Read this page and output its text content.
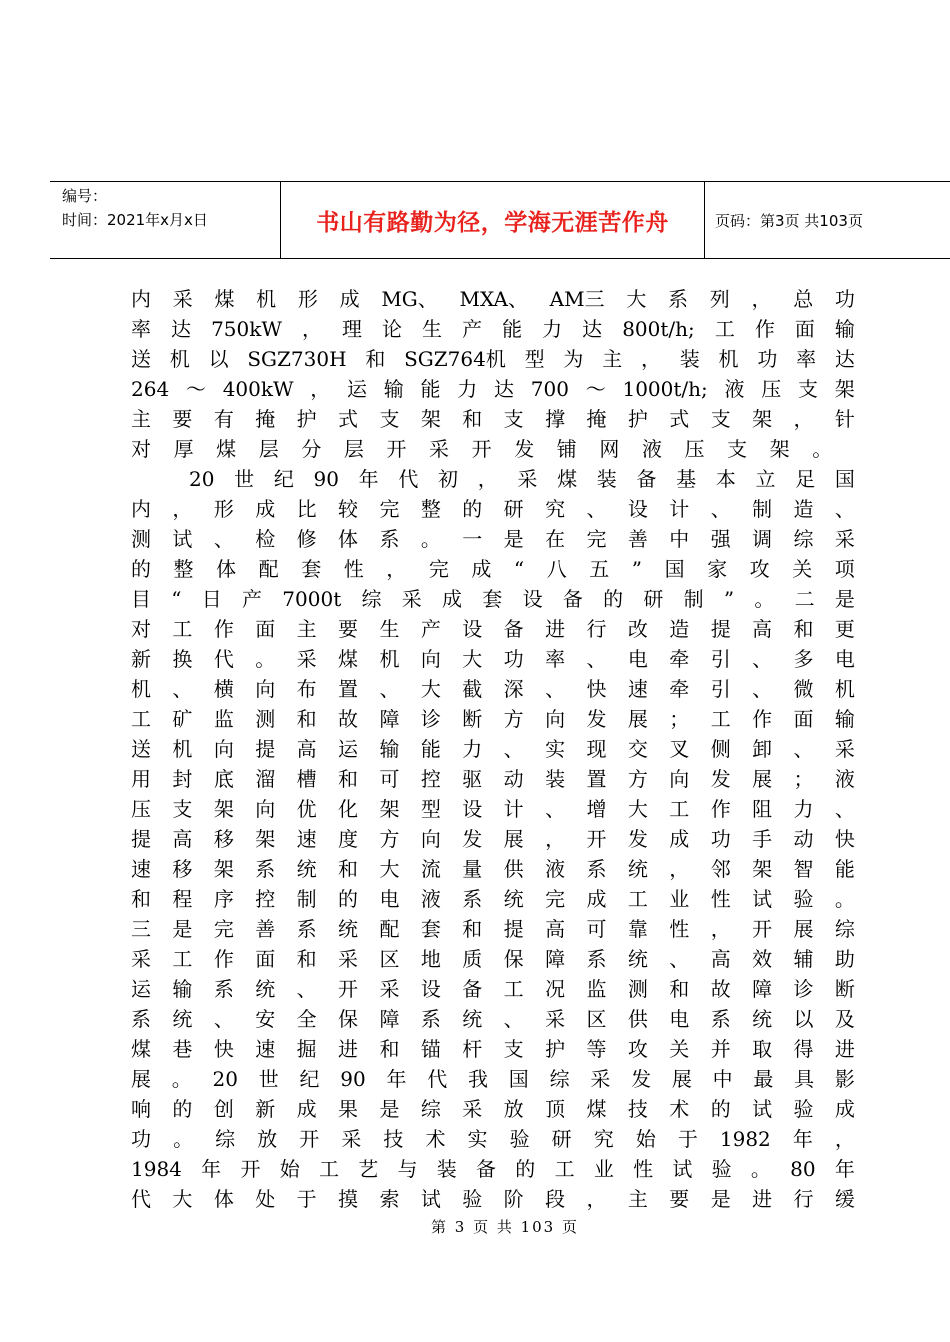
编号：
时间：2021年x月x日	书山有路勤为径，学海无涯苦作舟	页码：第3页 共103页
内 采 煤 机 形 成 MG、 MXA、 AM三 大 系 列 ， 总 功
率 达 750kW ， 理 论 生 产 能 力 达 800t/h; 工 作 面 输
送 机 以 SGZ730H 和 SGZ764机 型 为 主 ， 装 机 功 率 达
264 ～ 400kW ， 运 输 能 力 达 700 ～ 1000t/h; 液 压 支 架
主 要 有 掩 护 式 支 架 和 支 撑 掩 护 式 支 架 ， 针
对 厚 煤 层 分 层 开 采 开 发 铺 网 液 压 支 架 。
20 世 纪 90 年 代 初 ， 采 煤 装 备 基 本 立 足 国
内 ， 形 成 比 较 完 整 的 研 究 、 设 计 、 制 造 、
测 试 、 检 修 体 系 。 一 是 在 完 善 中 强 调 综 采
的 整 体 配 套 性 ， 完 成 “ 八 五 ” 国 家 攻 关 项
目 “ 日 产 7000t 综 采 成 套 设 备 的 研 制 ” 。 二 是
对 工 作 面 主 要 生 产 设 备 进 行 改 造 提 高 和 更
新 换 代 。 采 煤 机 向 大 功 率 、 电 牵 引 、 多 电
机 、 横 向 布 置 、 大 截 深 、 快 速 牵 引 、 微 机
工 矿 监 测 和 故 障 诊 断 方 向 发 展 ； 工 作 面 输
送 机 向 提 高 运 输 能 力 、 实 现 交 叉 侧 卸 、 采
用 封 底 溜 槽 和 可 控 驱 动 装 置 方 向 发 展 ； 液
压 支 架 向 优 化 架 型 设 计 、 增 大 工 作 阻 力 、
提 高 移 架 速 度 方 向 发 展 ， 开 发 成 功 手 动 快
速 移 架 系 统 和 大 流 量 供 液 系 统 ， 邻 架 智 能
和 程 序 控 制 的 电 液 系 统 完 成 工 业 性 试 验 。
三 是 完 善 系 统 配 套 和 提 高 可 靠 性 ， 开 展 综
采 工 作 面 和 采 区 地 质 保 障 系 统 、 高 效 辅 助
运 输 系 统 、 开 采 设 备 工 况 监 测 和 故 障 诊 断
系 统 、 安 全 保 障 系 统 、 采 区 供 电 系 统 以 及
煤 巷 快 速 掘 进 和 锚 杆 支 护 等 攻 关 并 取 得 进
展 。 20 世 纪 90 年 代 我 国 综 采 发 展 中 最 具 影
响 的 创 新 成 果 是 综 采 放 顶 煤 技 术 的 试 验 成
功 。 综 放 开 采 技 术 实 验 研 究 始 于 1982 年 ，
1984 年 开 始 工 艺 与 装 备 的 工 业 性 试 验 。 80 年
代 大 体 处 于 摸 索 试 验 阶 段 ， 主 要 是 进 行 缓
第 3 页 共 103 页
